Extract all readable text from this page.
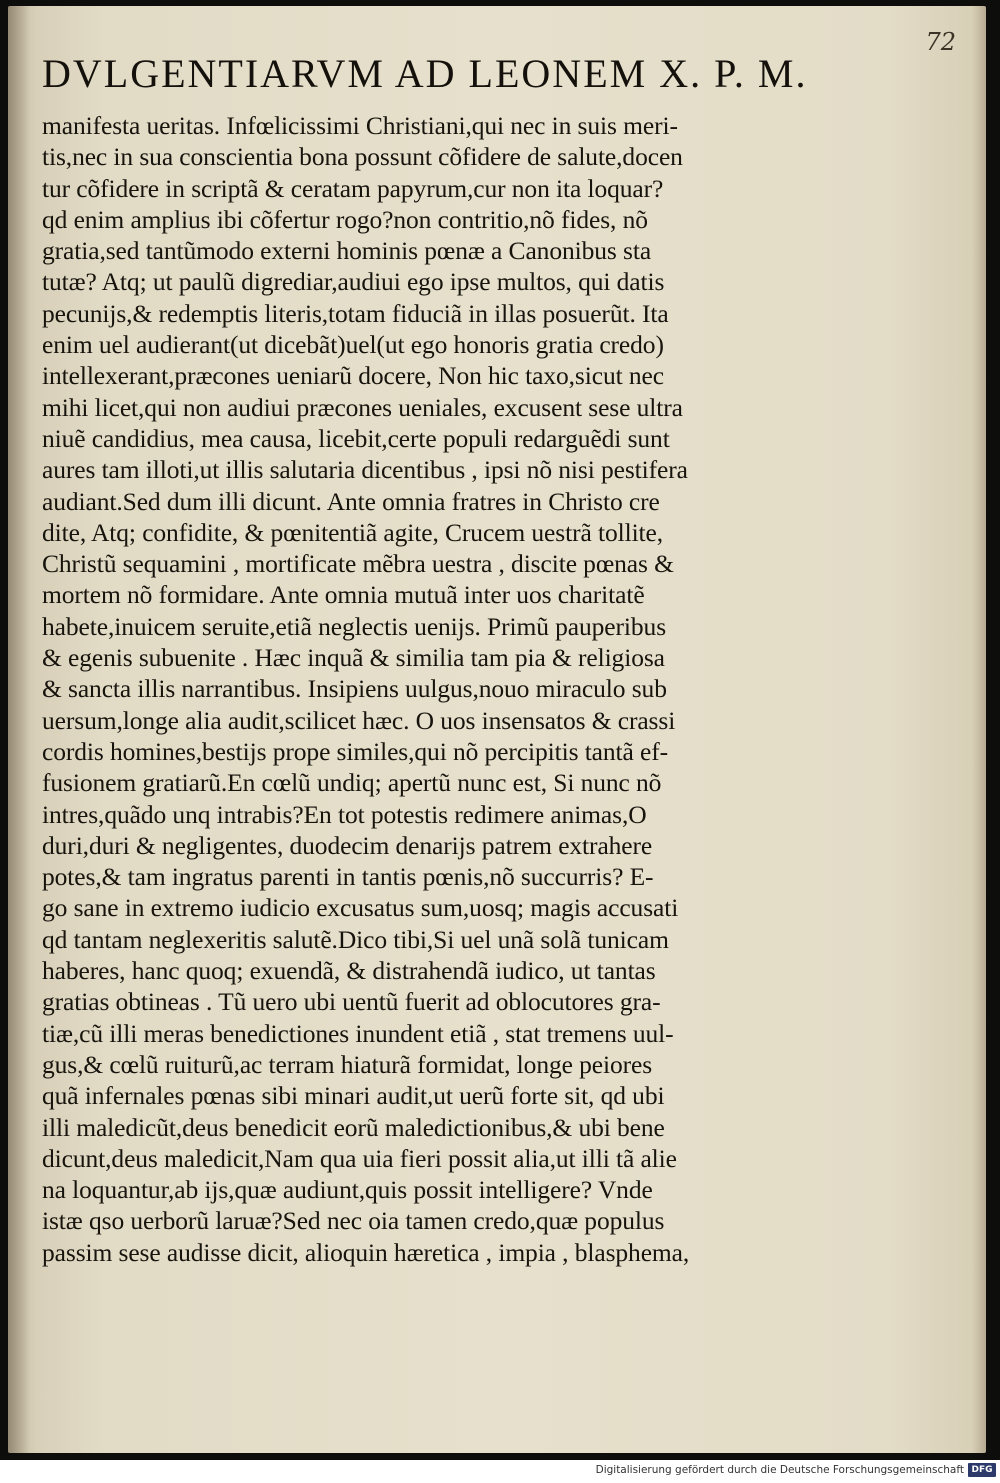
72
DVLGENTIARVM AD LEONEM X. P. M.
manifesta ueritas. Infœlicissimi Christiani,qui nec in suis meri-
tis,nec in sua conscientia bona possunt cõfidere de salute,docen
tur cõfidere in scriptã & ceratam papyrum,cur non ita loquar?
qd enim amplius ibi cõfertur rogo?non contritio,nõ fides, nõ
gratia,sed tantũmodo externi hominis pœnæ a Canonibus sta
tutæ? Atq; ut paulũ digrediar,audiui ego ipse multos, qui datis
pecunijs,& redemptis literis,totam fiduciã in illas posuerũt. Ita
enim uel audierant(ut dicebãt)uel(ut ego honoris gratia credo)
intellexerant,præcones ueniarũ docere, Non hic taxo,sicut nec
mihi licet,qui non audiui præcones ueniales, excusent sese ultra
niuẽ candidius, mea causa, licebit,certe populi redarguẽdi sunt
aures tam illoti,ut illis salutaria dicentibus , ipsi nõ nisi pestifera
audiant.Sed dum illi dicunt. Ante omnia fratres in Christo cre
dite, Atq; confidite, & pœnitentiã agite, Crucem uestrã tollite,
Christũ sequamini , mortificate mẽbra uestra , discite pœnas &
mortem nõ formidare. Ante omnia mutuã inter uos charitatẽ
habete,inuicem seruite,etiã neglectis uenijs. Primũ pauperibus
& egenis subuenite . Hæc inquã & similia tam pia & religiosa
& sancta illis narrantibus. Insipiens uulgus,nouo miraculo sub
uersum,longe alia audit,scilicet hæc. O uos insensatos & crassi
cordis homines,bestijs prope similes,qui nõ percipitis tantã ef-
fusionem gratiarũ.En cœlũ undiq; apertũ nunc est, Si nunc nõ
intres,quãdo unq intrabis?En tot potestis redimere animas,O
duri,duri & negligentes, duodecim denarijs patrem extrahere
potes,& tam ingratus parenti in tantis pœnis,nõ succurris? E-
go sane in extremo iudicio excusatus sum,uosq; magis accusati
qd tantam neglexeritis salutẽ.Dico tibi,Si uel unã solã tunicam
haberes, hanc quoq; exuendã, & distrahendã iudico, ut tantas
gratias obtineas . Tũ uero ubi uentũ fuerit ad oblocutores gra-
tiæ,cũ illi meras benedictiones inundent etiã , stat tremens uul-
gus,& cœlũ ruiturũ,ac terram hiaturã formidat, longe peiores
quã infernales pœnas sibi minari audit,ut uerũ forte sit, qd ubi
illi maledicũt,deus benedicit eorũ maledictionibus,& ubi bene
dicunt,deus maledicit,Nam qua uia fieri possit alia,ut illi tã alie
na loquantur,ab ijs,quæ audiunt,quis possit intelligere? Vnde
istæ qso uerborũ laruæ?Sed nec oia tamen credo,quæ populus
passim sese audisse dicit, alioquin hæretica , impia , blasphema,
Digitalisierung gefördert durch die Deutsche Forschungsgemeinschaft DFG
